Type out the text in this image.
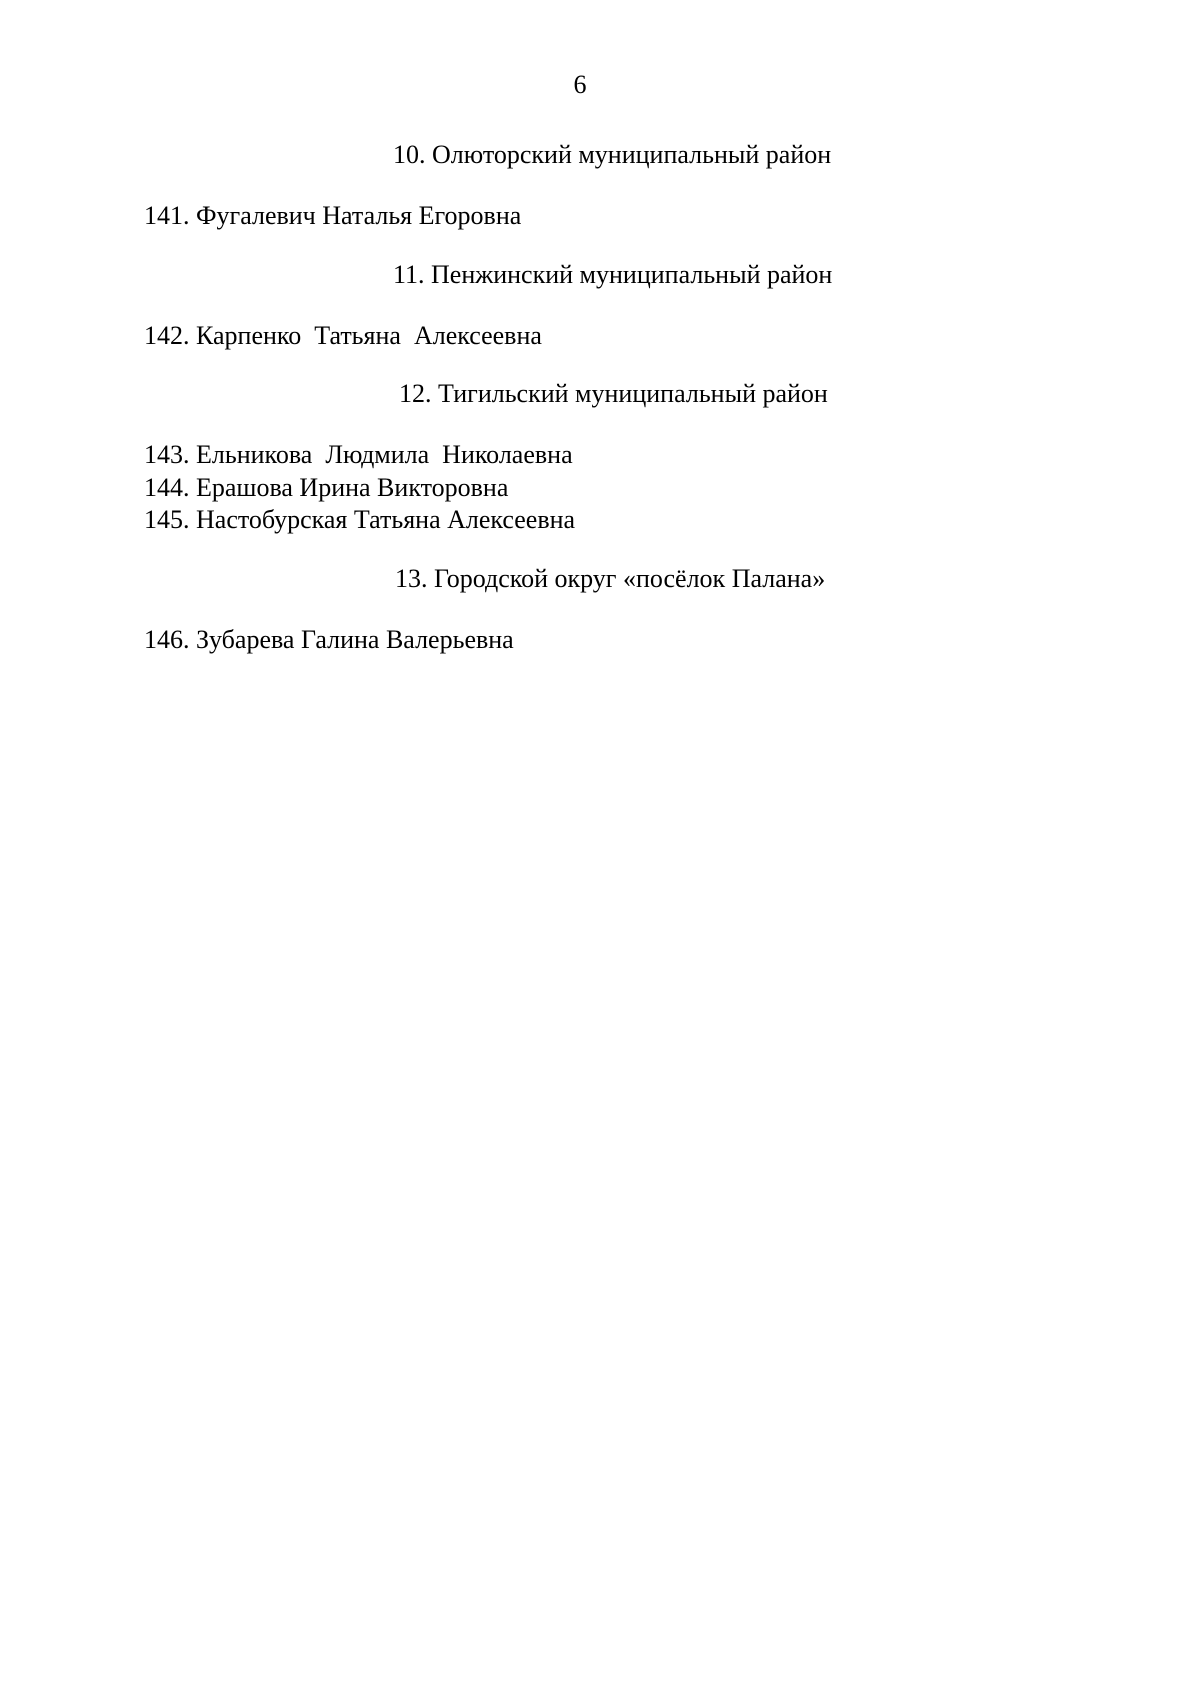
6
10. Олюторский муниципальный район
141. Фугалевич Наталья Егоровна
11. Пенжинский муниципальный район
142. Карпенко  Татьяна  Алексеевна
12. Тигильский муниципальный район
143. Ельникова  Людмила  Николаевна
144. Ерашова Ирина Викторовна
145. Настобурская Татьяна Алексеевна
13. Городской округ «посёлок Палана»
146. Зубарева Галина Валерьевна
